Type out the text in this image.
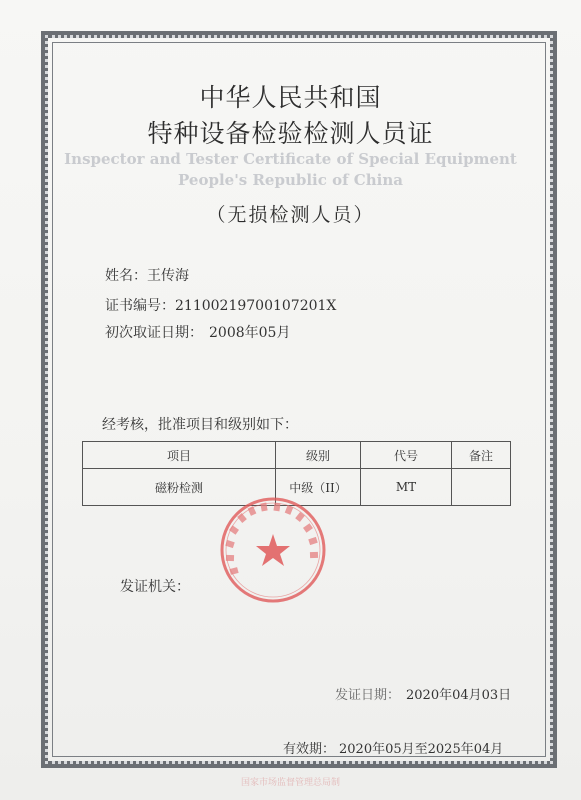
中华人民共和国
特种设备检验检测人员证
Inspector and Tester Certificate of Special Equipment
People's Republic of China
（无损检测人员）
姓名：王传海
证书编号：21100219700107201X
初次取证日期： 2008年05月
经考核，批准项目和级别如下：
项目	级别	代号	备注
磁粉检测	中级（II）	MT	
发证机关：
发证日期： 2020年04月03日
有效期： 2020年05月至2025年04月
国家市场监督管理总局制
